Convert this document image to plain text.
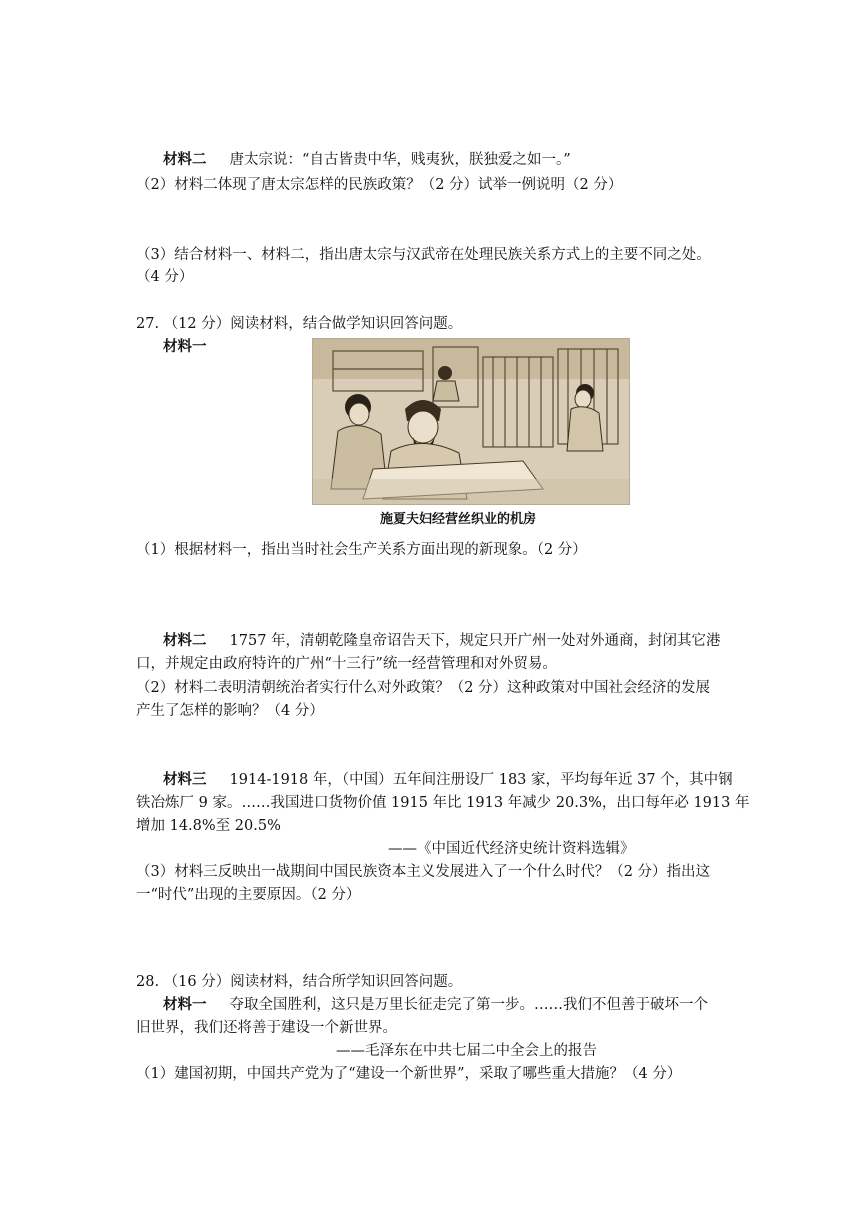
材料二 唐太宗说：“自古皆贵中华，贱夷狄，朕独爱之如一。”
（2）材料二体现了唐太宗怎样的民族政策？（2 分）试举一例说明（2 分）
（3）结合材料一、材料二，指出唐太宗与汉武帝在处理民族关系方式上的主要不同之处。
（4 分）
27. （12 分）阅读材料，结合做学知识回答问题。
材料一
施夏夫妇经营丝织业的机房
（1）根据材料一，指出当时社会生产关系方面出现的新现象。（2 分）
材料二 1757 年，清朝乾隆皇帝诏告天下，规定只开广州一处对外通商，封闭其它港
口，并规定由政府特许的广州“十三行”统一经营管理和对外贸易。
（2）材料二表明清朝统治者实行什么对外政策？（2 分）这种政策对中国社会经济的发展
产生了怎样的影响？（4 分）
材料三 1914-1918 年，（中国）五年间注册设厂 183 家，平均每年近 37 个，其中钢
铁冶炼厂 9 家。……我国进口货物价值 1915 年比 1913 年减少 20.3%，出口每年必 1913 年
增加 14.8%至 20.5%
——《中国近代经济史统计资料选辑》
（3）材料三反映出一战期间中国民族资本主义发展进入了一个什么时代？（2 分）指出这
一“时代”出现的主要原因。（2 分）
28. （16 分）阅读材料，结合所学知识回答问题。
材料一 夺取全国胜利，这只是万里长征走完了第一步。……我们不但善于破坏一个
旧世界，我们还将善于建设一个新世界。
——毛泽东在中共七届二中全会上的报告
（1）建国初期，中国共产党为了“建设一个新世界”，采取了哪些重大措施？（4 分）
